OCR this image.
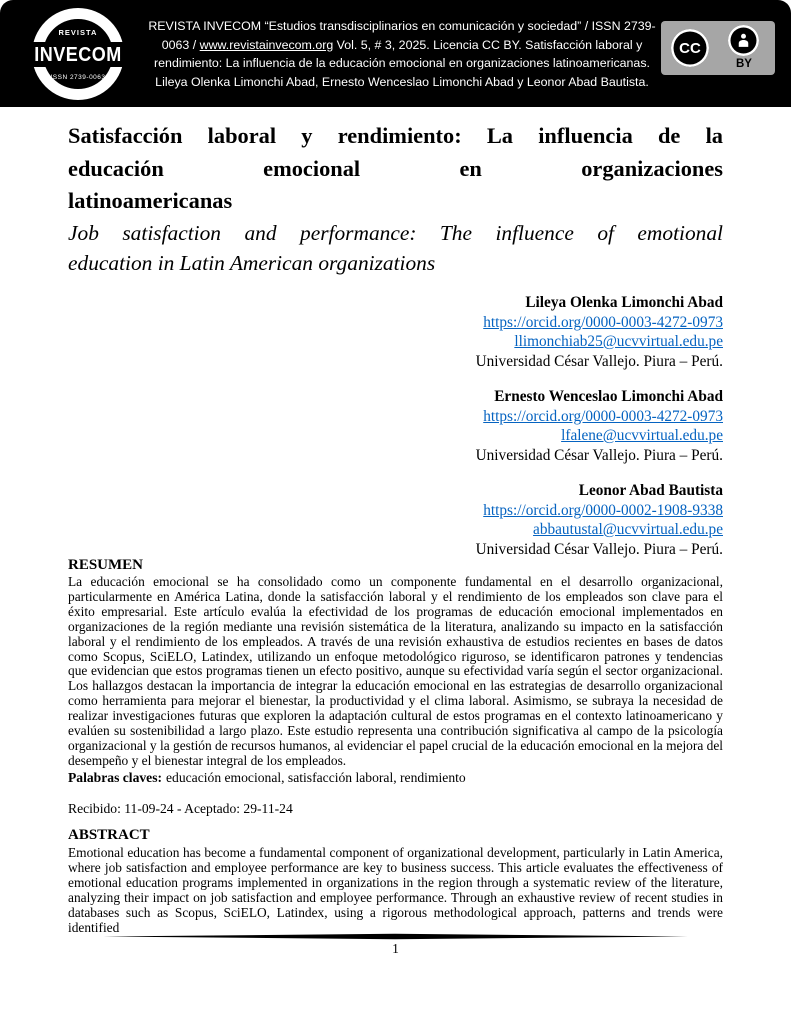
REVISTA
INVECOM
ISSN 2739-0063
REVISTA INVECOM “Estudios transdisciplinarios en comunicación y sociedad” / ISSN 2739-0063 / www.revistainvecom.org Vol. 5, # 3, 2025. Licencia CC BY. Satisfacción laboral y rendimiento: La influencia de la educación emocional en organizaciones latinoamericanas. Lileya Olenka Limonchi Abad, Ernesto Wenceslao Limonchi Abad y Leonor Abad Bautista.
CC
BY
Satisfacción laboral y rendimiento: La influencia de la
educación emocional en organizaciones
latinoamericanas
Job satisfaction and performance: The influence of emotional
education in Latin American organizations
Lileya Olenka Limonchi Abad
https://orcid.org/0000-0003-4272-0973
llimonchiab25@ucvvirtual.edu.pe
Universidad César Vallejo. Piura – Perú.
Ernesto Wenceslao Limonchi Abad
https://orcid.org/0000-0003-4272-0973
lfalene@ucvvirtual.edu.pe
Universidad César Vallejo. Piura – Perú.
Leonor Abad Bautista
https://orcid.org/0000-0002-1908-9338
abbautustal@ucvvirtual.edu.pe
Universidad César Vallejo. Piura – Perú.
RESUMEN

La educación emocional se ha consolidado como un componente fundamental en el desarrollo organizacional, particularmente en América Latina, donde la satisfacción laboral y el rendimiento de los empleados son clave para el éxito empresarial. Este artículo evalúa la efectividad de los programas de educación emocional implementados en organizaciones de la región mediante una revisión sistemática de la literatura, analizando su impacto en la satisfacción laboral y el rendimiento de los empleados. A través de una revisión exhaustiva de estudios recientes en bases de datos como Scopus, SciELO, Latindex, utilizando un enfoque metodológico riguroso, se identificaron patrones y tendencias que evidencian que estos programas tienen un efecto positivo, aunque su efectividad varía según el sector organizacional. Los hallazgos destacan la importancia de integrar la educación emocional en las estrategias de desarrollo organizacional como herramienta para mejorar el bienestar, la productividad y el clima laboral. Asimismo, se subraya la necesidad de realizar investigaciones futuras que exploren la adaptación cultural de estos programas en el contexto latinoamericano y evalúen su sostenibilidad a largo plazo. Este estudio representa una contribución significativa al campo de la psicología organizacional y la gestión de recursos humanos, al evidenciar el papel crucial de la educación emocional en la mejora del desempeño y el bienestar integral de los empleados.

Palabras claves: educación emocional, satisfacción laboral, rendimiento
Recibido: 11-09-24 - Aceptado: 29-11-24
ABSTRACT

Emotional education has become a fundamental component of organizational development, particularly in Latin America, where job satisfaction and employee performance are key to business success. This article evaluates the effectiveness of emotional education programs implemented in organizations in the region through a systematic review of the literature, analyzing their impact on job satisfaction and employee performance. Through an exhaustive review of recent studies in databases such as Scopus, SciELO, Latindex, using a rigorous methodological approach, patterns and trends were identified

1
